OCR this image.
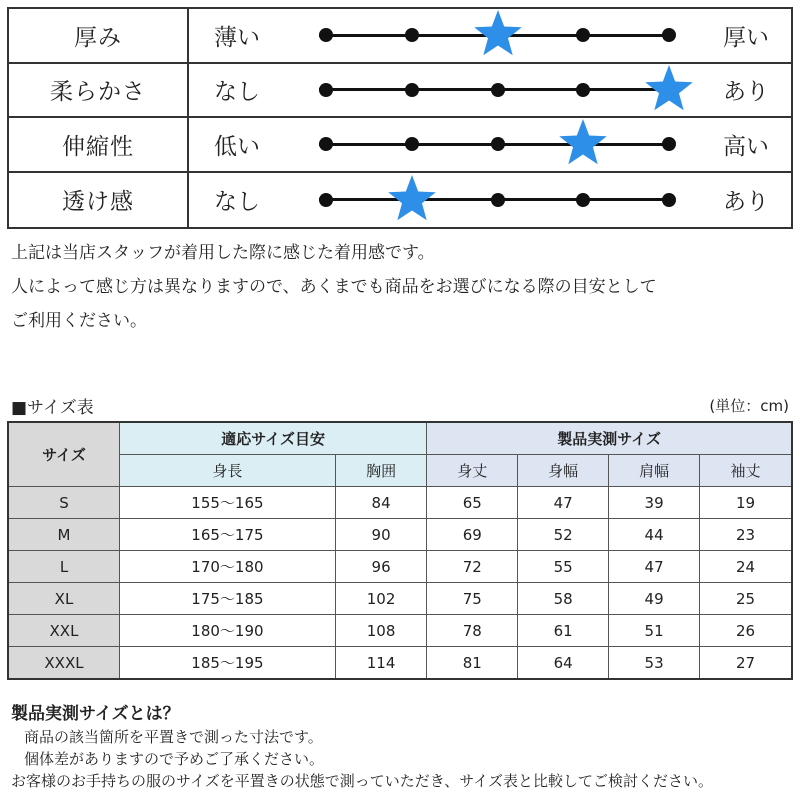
厚み	薄い	厚い
柔らかさ	なし	あり
伸縮性	低い	高い
透け感	なし	あり
上記は当店スタッフが着用した際に感じた着用感です。
人によって感じ方は異なりますので、あくまでも商品をお選びになる際の目安として
ご利用ください。
■サイズ表	(単位：cm)
サイズ	適応サイズ目安		製品実測サイズ			
	身長	胸囲	身丈	身幅	肩幅	袖丈
S	155〜165	84	65	47	39	19
M	165〜175	90	69	52	44	23
L	170〜180	96	72	55	47	24
XL	175〜185	102	75	58	49	25
XXL	180〜190	108	78	61	51	26
XXXL	185〜195	114	81	64	53	27
製品実測サイズとは？
商品の該当箇所を平置きで測った寸法です。
個体差がありますので予めご了承ください。
お客様のお手持ちの服のサイズを平置きの状態で測っていただき、サイズ表と比較してご検討ください。
